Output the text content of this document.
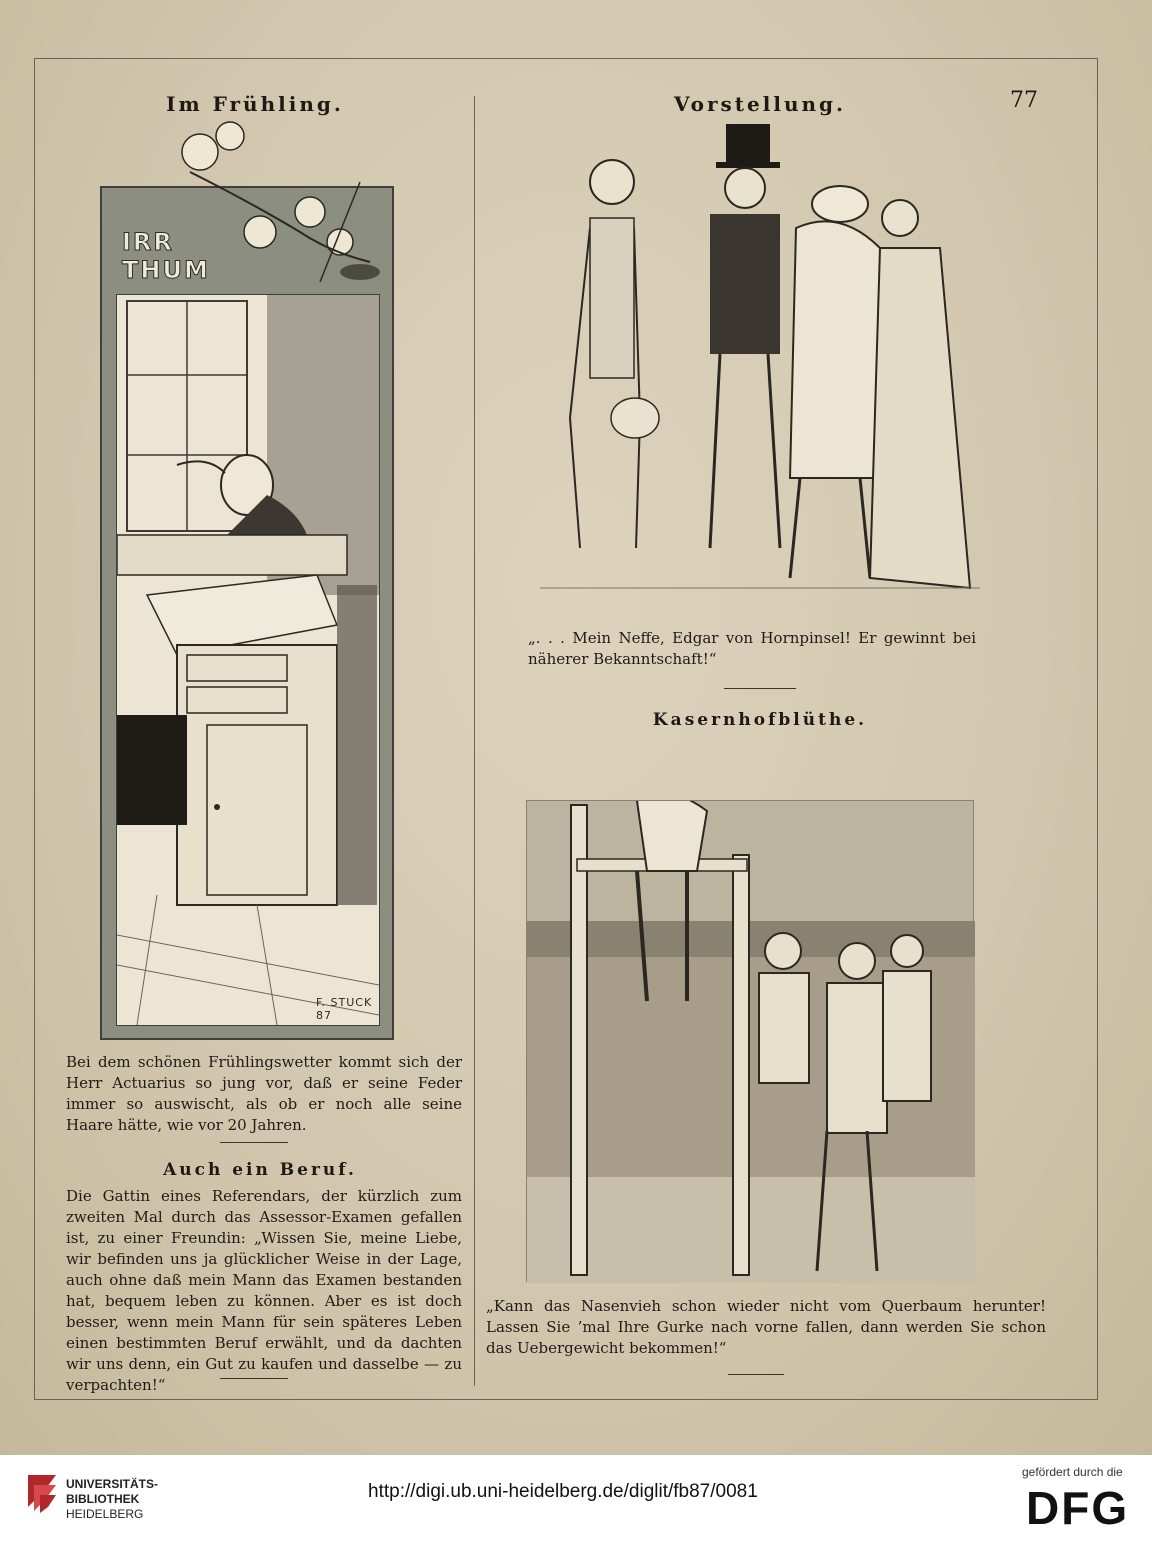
Im Frühling.	Vorstellung.	77
IRR THUM
F. STUCK 87
Bei dem schönen Frühlingswetter kommt sich der Herr Actuarius so jung vor, daß er seine Feder immer so auswischt, als ob er noch alle seine Haare hätte, wie vor 20 Jahren.
Auch ein Beruf.
Die Gattin eines Referendars, der kürzlich zum zweiten Mal durch das Assessor-Examen gefallen ist, zu einer Freundin: „Wissen Sie, meine Liebe, wir befinden uns ja glücklicher Weise in der Lage, auch ohne daß mein Mann das Examen bestanden hat, bequem leben zu können. Aber es ist doch besser, wenn mein Mann für sein späteres Leben einen bestimmten Beruf erwählt, und da dachten wir uns denn, ein Gut zu kaufen und dasselbe — zu verpachten!“
„. . . Mein Neffe, Edgar von Hornpinsel! Er gewinnt bei näherer Bekanntschaft!“
Kasernhofblüthe.
„Kann das Nasenvieh schon wieder nicht vom Querbaum herunter! Lassen Sie ’mal Ihre Gurke nach vorne fallen, dann werden Sie schon das Uebergewicht bekommen!“
UNIVERSITÄTS-
BIBLIOTHEK
HEIDELBERG
http://digi.ub.uni-heidelberg.de/diglit/fb87/0081
gefördert durch die
DFG
